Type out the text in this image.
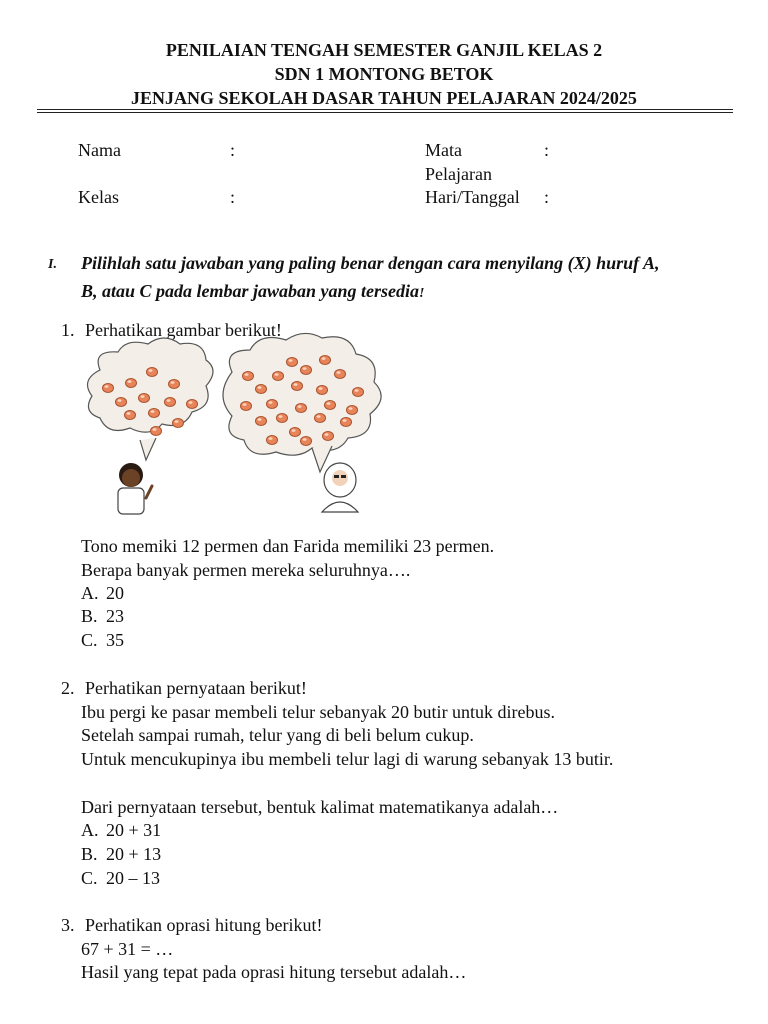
PENILAIAN TENGAH SEMESTER GANJIL KELAS 2
SDN 1 MONTONG BETOK
JENJANG SEKOLAH DASAR TAHUN PELAJARAN 2024/2025
Nama	:	Mata	:
Pelajaran
Kelas	:	Hari/Tanggal :
I. Pilihlah satu jawaban yang paling benar dengan cara menyilang (X) huruf A,
B, atau C pada lembar jawaban yang tersedia!
1. Perhatikan gambar berikut!
Tono memiki 12 permen dan Farida memiliki 23 permen.
Berapa banyak permen mereka seluruhnya….
A. 20
B. 23
C. 35
2. Perhatikan pernyataan berikut!
Ibu pergi ke pasar membeli telur sebanyak 20 butir untuk direbus.
Setelah sampai rumah, telur yang di beli belum cukup.
Untuk mencukupinya ibu membeli telur lagi di warung sebanyak 13 butir.
Dari pernyataan tersebut, bentuk kalimat matematikanya adalah…
A. 20 + 31
B. 20 + 13
C. 20 – 13
3. Perhatikan oprasi hitung berikut!
67 + 31 = …
Hasil yang tepat pada oprasi hitung tersebut adalah…
